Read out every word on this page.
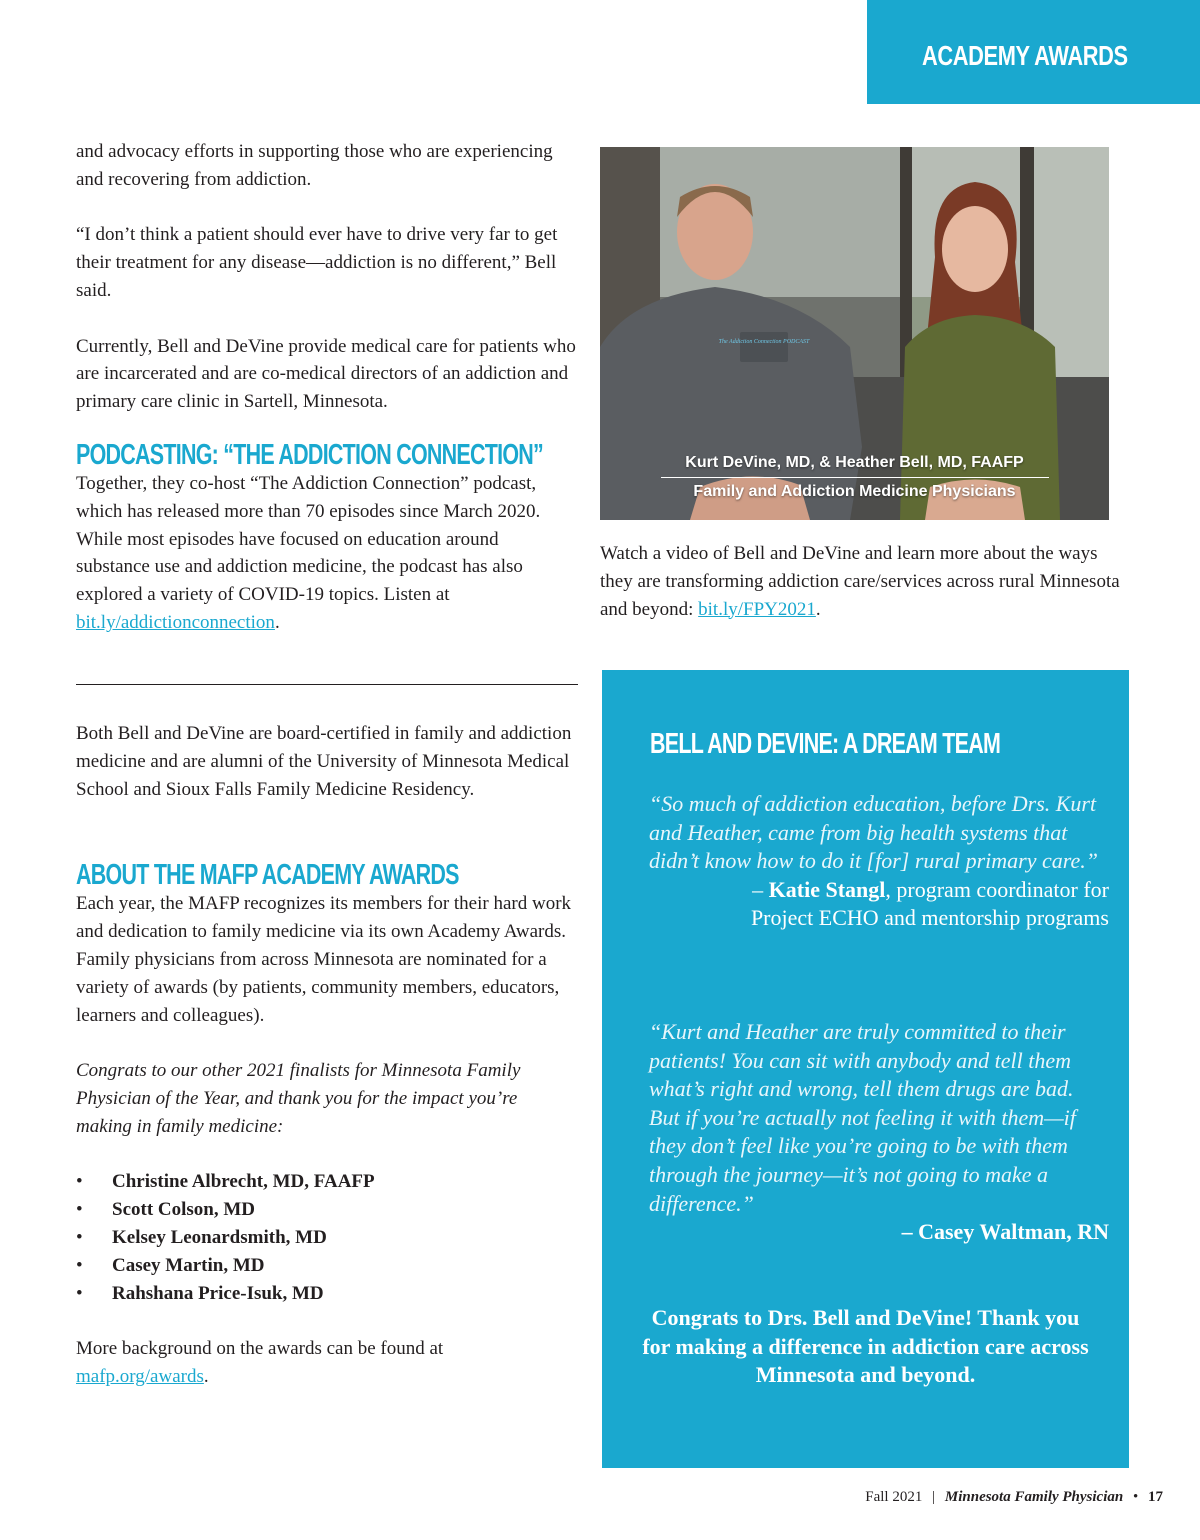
ACADEMY AWARDS

and advocacy efforts in supporting those who are experiencing and recovering from addiction.

“I don’t think a patient should ever have to drive very far to get their treatment for any disease—addiction is no different,” Bell said.

Currently, Bell and DeVine provide medical care for patients who are incarcerated and are co-medical directors of an addiction and primary care clinic in Sartell, Minnesota.

PODCASTING: “THE ADDICTION CONNECTION”

Together, they co-host “The Addiction Connection” podcast, which has released more than 70 episodes since March 2020. While most episodes have focused on education around substance use and addiction medicine, the podcast has also explored a variety of COVID-19 topics. Listen at bit.ly/addictionconnection.

The Addiction Connection PODCAST
Kurt DeVine, MD, & Heather Bell, MD, FAAFP
Family and Addiction Medicine Physicians

Watch a video of Bell and DeVine and learn more about the ways they are transforming addiction care/services across rural Minnesota and beyond: bit.ly/FPY2021.

Both Bell and DeVine are board-certified in family and addiction medicine and are alumni of the University of Minnesota Medical School and Sioux Falls Family Medicine Residency.

ABOUT THE MAFP ACADEMY AWARDS

Each year, the MAFP recognizes its members for their hard work and dedication to family medicine via its own Academy Awards. Family physicians from across Minnesota are nominated for a variety of awards (by patients, community members, educators, learners and colleagues).

Congrats to our other 2021 finalists for Minnesota Family Physician of the Year, and thank you for the impact you’re making in family medicine:

• Christine Albrecht, MD, FAAFP
• Scott Colson, MD
• Kelsey Leonardsmith, MD
• Casey Martin, MD
• Rahshana Price-Isuk, MD

More background on the awards can be found at mafp.org/awards.

BELL AND DEVINE: A DREAM TEAM

“So much of addiction education, before Drs. Kurt and Heather, came from big health systems that didn’t know how to do it [for] rural primary care.”

– Katie Stangl, program coordinator for Project ECHO and mentorship programs

“Kurt and Heather are truly committed to their patients! You can sit with anybody and tell them what’s right and wrong, tell them drugs are bad. But if you’re actually not feeling it with them—if they don’t feel like you’re going to be with them through the journey—it’s not going to make a difference.”

– Casey Waltman, RN

Congrats to Drs. Bell and DeVine! Thank you for making a difference in addiction care across Minnesota and beyond.

Fall 2021 | Minnesota Family Physician • 17
